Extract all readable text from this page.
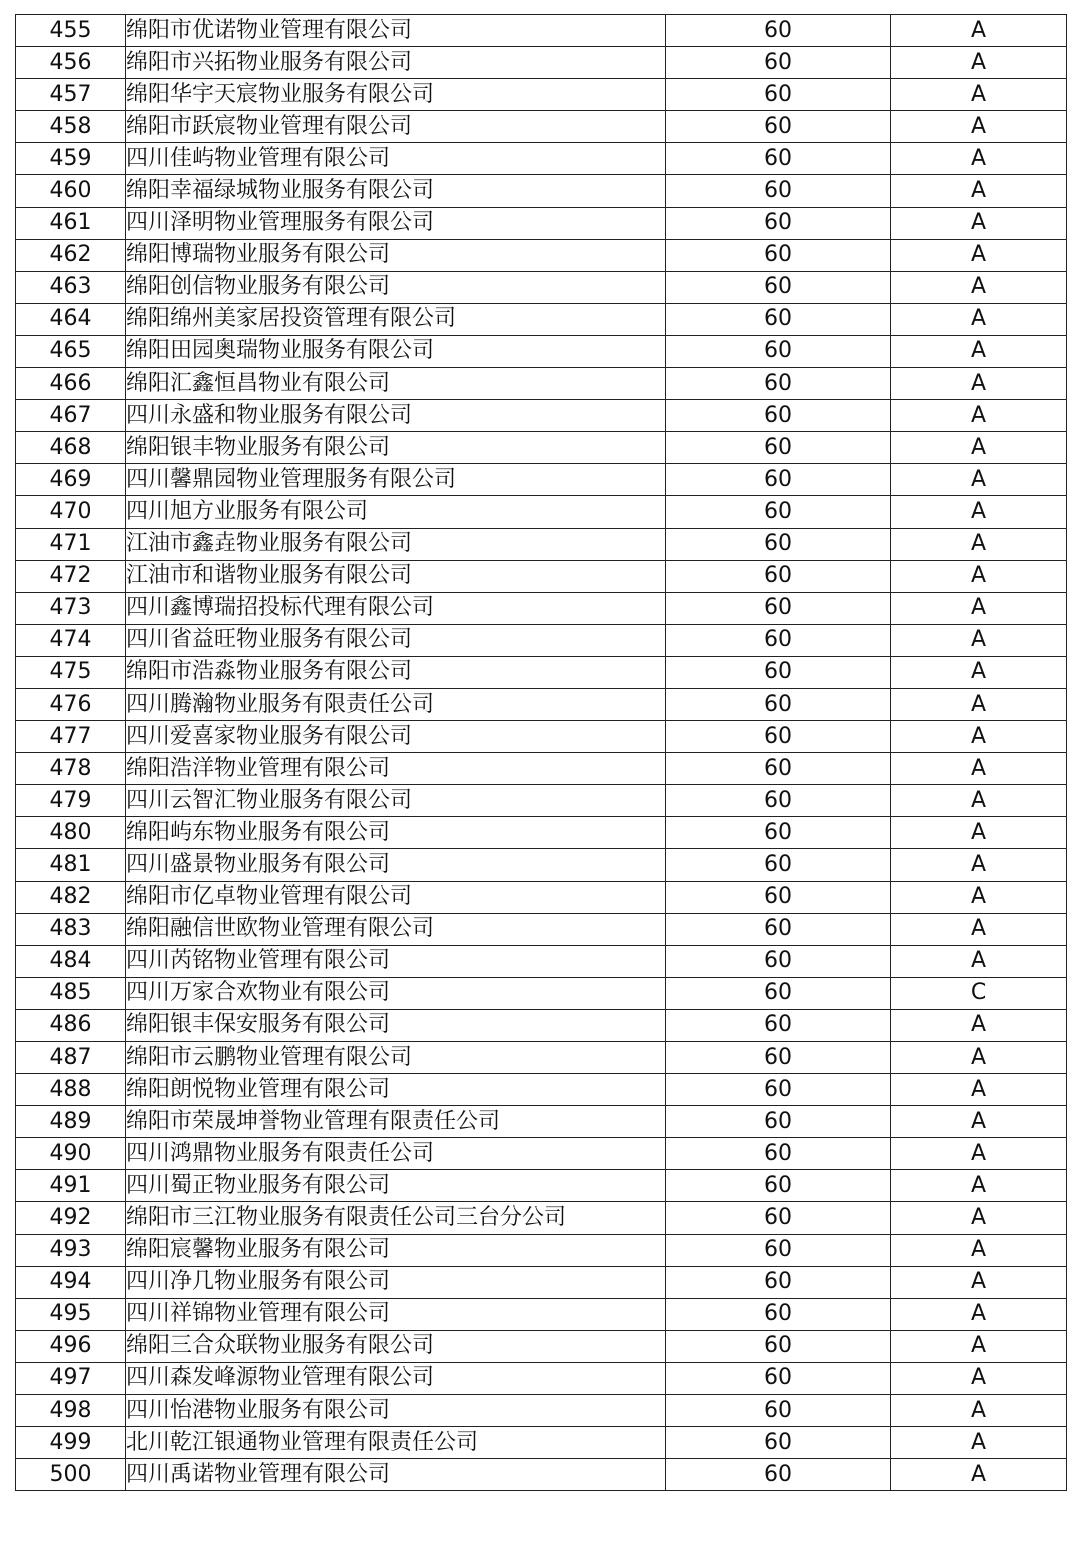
455	绵阳市优诺物业管理有限公司	60	A
456	绵阳市兴拓物业服务有限公司	60	A
457	绵阳华宇天宸物业服务有限公司	60	A
458	绵阳市跃宸物业管理有限公司	60	A
459	四川佳屿物业管理有限公司	60	A
460	绵阳幸福绿城物业服务有限公司	60	A
461	四川泽明物业管理服务有限公司	60	A
462	绵阳博瑞物业服务有限公司	60	A
463	绵阳创信物业服务有限公司	60	A
464	绵阳绵州美家居投资管理有限公司	60	A
465	绵阳田园奥瑞物业服务有限公司	60	A
466	绵阳汇鑫恒昌物业有限公司	60	A
467	四川永盛和物业服务有限公司	60	A
468	绵阳银丰物业服务有限公司	60	A
469	四川馨鼎园物业管理服务有限公司	60	A
470	四川旭方业服务有限公司	60	A
471	江油市鑫垚物业服务有限公司	60	A
472	江油市和谐物业服务有限公司	60	A
473	四川鑫博瑞招投标代理有限公司	60	A
474	四川省益旺物业服务有限公司	60	A
475	绵阳市浩淼物业服务有限公司	60	A
476	四川腾瀚物业服务有限责任公司	60	A
477	四川爱喜家物业服务有限公司	60	A
478	绵阳浩洋物业管理有限公司	60	A
479	四川云智汇物业服务有限公司	60	A
480	绵阳屿东物业服务有限公司	60	A
481	四川盛景物业服务有限公司	60	A
482	绵阳市亿卓物业管理有限公司	60	A
483	绵阳融信世欧物业管理有限公司	60	A
484	四川芮铭物业管理有限公司	60	A
485	四川万家合欢物业有限公司	60	C
486	绵阳银丰保安服务有限公司	60	A
487	绵阳市云鹏物业管理有限公司	60	A
488	绵阳朗悦物业管理有限公司	60	A
489	绵阳市荣晟坤誉物业管理有限责任公司	60	A
490	四川鸿鼎物业服务有限责任公司	60	A
491	四川蜀正物业服务有限公司	60	A
492	绵阳市三江物业服务有限责任公司三台分公司	60	A
493	绵阳宸馨物业服务有限公司	60	A
494	四川净几物业服务有限公司	60	A
495	四川祥锦物业管理有限公司	60	A
496	绵阳三合众联物业服务有限公司	60	A
497	四川森发峰源物业管理有限公司	60	A
498	四川怡港物业服务有限公司	60	A
499	北川乾江银通物业管理有限责任公司	60	A
500	四川禹诺物业管理有限公司	60	A
